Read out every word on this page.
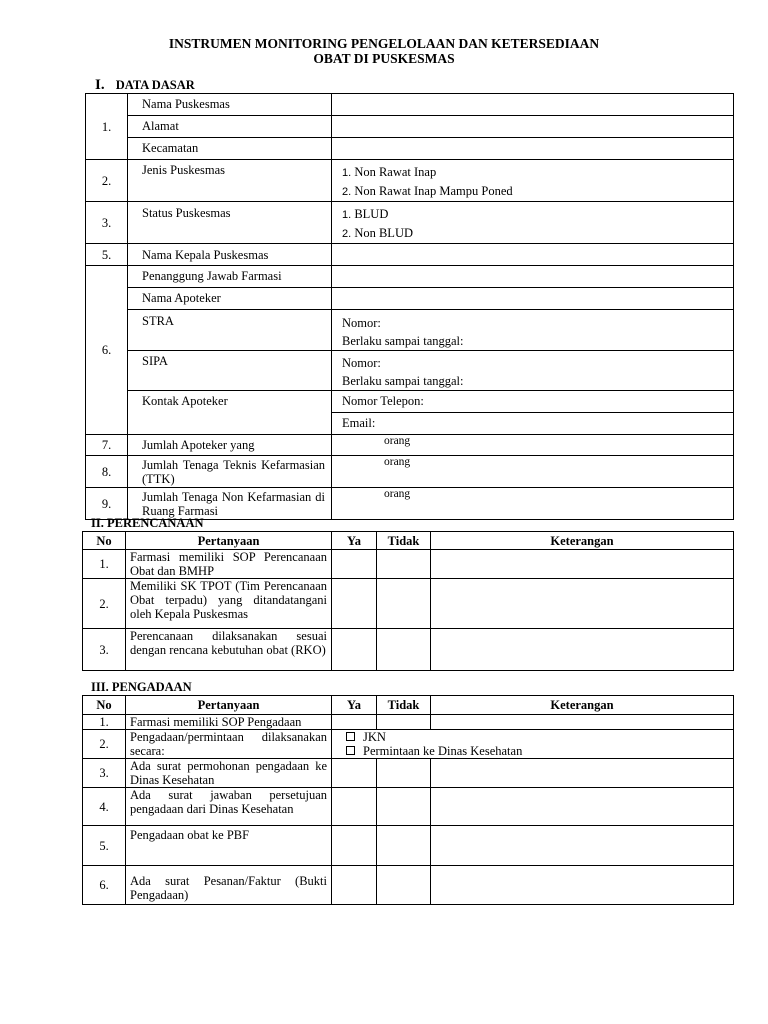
INSTRUMEN MONITORING PENGELOLAAN DAN KETERSEDIAAN
OBAT DI PUSKESMAS
I. DATA DASAR
1.	Nama Puskesmas	
	Alamat	
	Kecamatan	
2.	Jenis Puskesmas	1. Non Rawat Inap
2. Non Rawat Inap Mampu Poned

3.	Status Puskesmas	1. BLUD
2. Non BLUD

5.	Nama Kepala Puskesmas	
6.	Penanggung Jawab Farmasi	
	Nama Apoteker	
	STRA	Nomor:
Berlaku sampai tanggal:

	SIPA	Nomor:
Berlaku sampai tanggal:

	Kontak Apoteker	Nomor Telepon:
		Email:
7.	Jumlah Apoteker yang	orang
8.	Jumlah Tenaga Teknis Kefarmasian (TTK)	orang
9.	Jumlah Tenaga Non Kefarmasian di Ruang Farmasi	orang
II. PERENCANAAN
No	Pertanyaan	Ya	Tidak	Keterangan
1.	Farmasi memiliki SOP Perencanaan Obat dan BMHP			
2.	Memiliki SK TPOT (Tim Perencanaan Obat terpadu) yang ditandatangani oleh Kepala Puskesmas			
3.	Perencanaan dilaksanakan sesuai dengan rencana kebutuhan obat (RKO)			
III. PENGADAAN
No	Pertanyaan	Ya	Tidak	Keterangan
1.	Farmasi memiliki SOP Pengadaan			
2.	Pengadaan/permintaan dilaksanakan secara:	JKN
Permintaan ke Dinas Kesehatan		

3.	Ada surat permohonan pengadaan ke Dinas Kesehatan			
4.	Ada surat jawaban persetujuan pengadaan dari Dinas Kesehatan			
5.	Pengadaan obat ke PBF			
6.	Ada surat Pesanan/Faktur (Bukti Pengadaan)			
